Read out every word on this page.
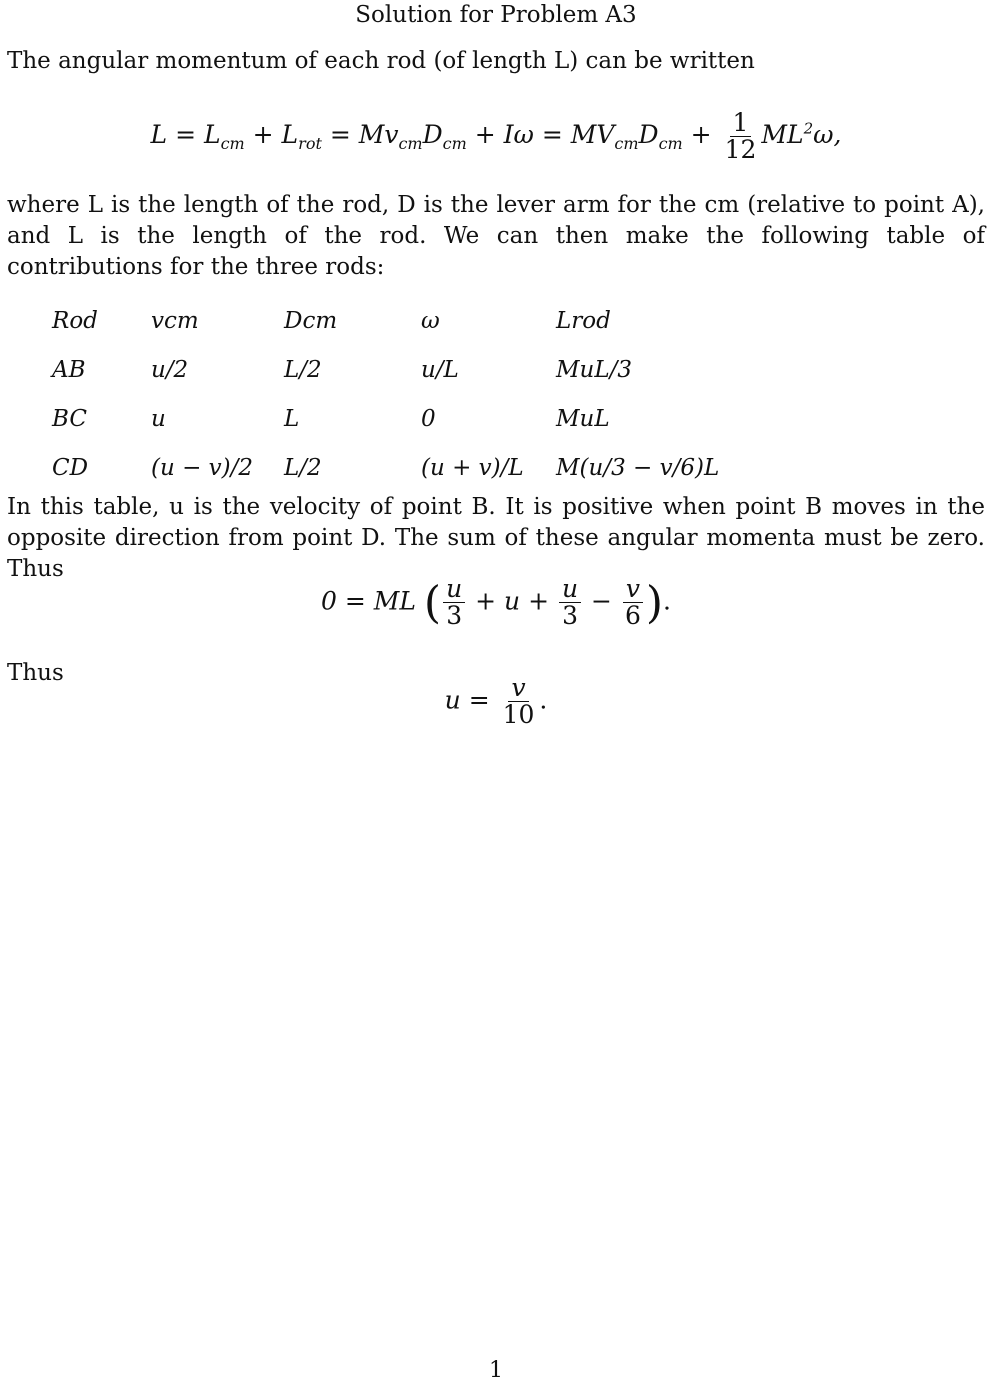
Solution for Problem A3
The angular momentum of each rod (of length L) can be written
$L = L_{cm} + L_{rot} = Mv_{cm}D_{cm} + I\omega = MV_{cm}D_{cm} + \frac{1}{12} ML^2\omega$,
where L is the length of the rod, D is the lever arm for the cm (relative to point A), and L is the length of the rod. We can then make the following table of contributions for the three rods:
Rod	vcm	Dcm	ω	Lrod
AB	u/2	L/2	u/L	MuL/3
BC	u	L	0	MuL
CD	(u − v)/2	L/2	(u + v)/L	M(u/3 − v/6)L
In this table, u is the velocity of point B. It is positive when point B moves in the opposite direction from point D. The sum of these angular momenta must be zero. Thus
0 = ML ( $\frac{u}{3} + u + \frac{u}{3} - \frac{v}{6}$ ).
Thus
$u = \frac{v}{10}$ .
1
